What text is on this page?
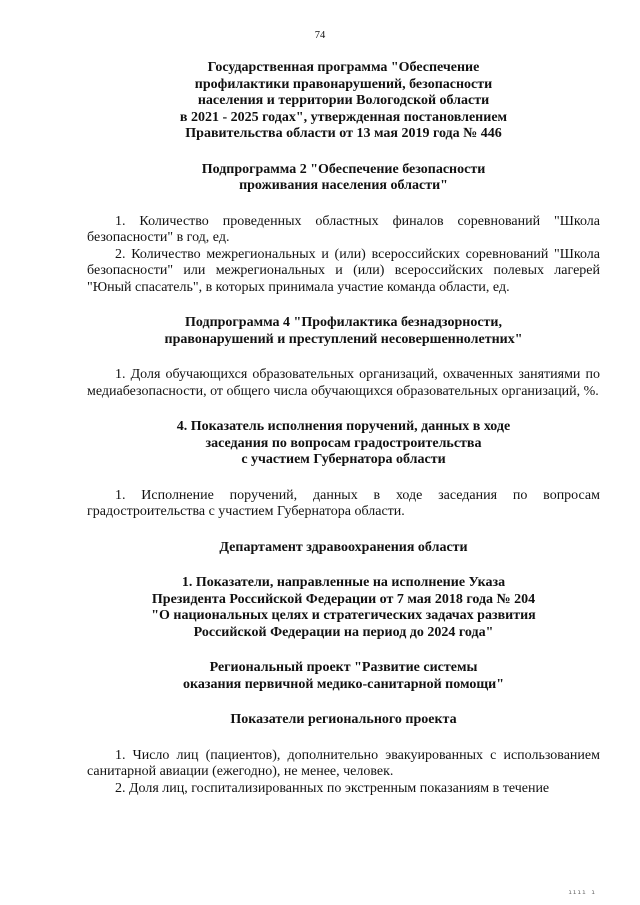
74
Государственная программа "Обеспечение
профилактики правонарушений, безопасности
населения и территории Вологодской области
в 2021 - 2025 годах", утвержденная постановлением
Правительства области от 13 мая 2019 года № 446
Подпрограмма 2 "Обеспечение безопасности
проживания населения области"

1. Количество проведенных областных финалов соревнований "Школа безопасности" в год, ед.

2. Количество межрегиональных и (или) всероссийских соревнований "Школа безопасности" или межрегиональных и (или) всероссийских полевых лагерей "Юный спасатель", в которых принимала участие команда области, ед.

Подпрограмма 4 "Профилактика безнадзорности,
правонарушений и преступлений несовершеннолетних"

1. Доля обучающихся образовательных организаций, охваченных занятиями по медиабезопасности, от общего числа обучающихся образовательных организаций, %.

4. Показатель исполнения поручений, данных в ходе
заседания по вопросам градостроительства
с участием Губернатора области

1. Исполнение поручений, данных в ходе заседания по вопросам градостроительства с участием Губернатора области.

Департамент здравоохранения области
1. Показатели, направленные на исполнение Указа
Президента Российской Федерации от 7 мая 2018 года № 204
"О национальных целях и стратегических задачах развития
Российской Федерации на период до 2024 года"
Региональный проект "Развитие системы
оказания первичной медико-санитарной помощи"
Показатели регионального проекта

1. Число лиц (пациентов), дополнительно эвакуированных с использованием санитарной авиации (ежегодно), не менее, человек.

2. Доля лиц, госпитализированных по экстренным показаниям в течение

ıııı ı
